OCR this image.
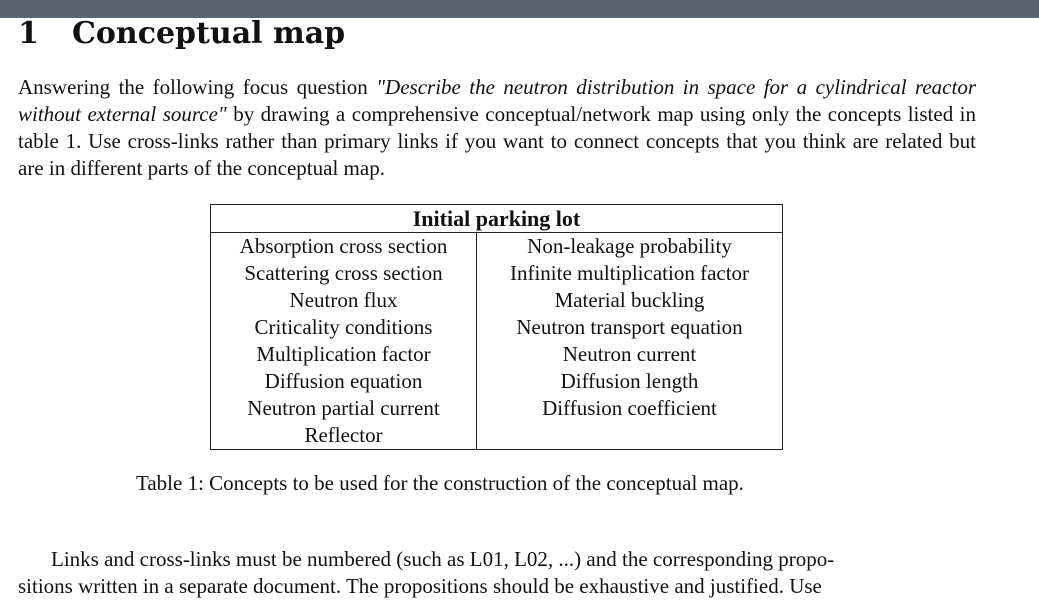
1 Conceptual map

Answering the following focus question "Describe the neutron distribution in space for a cylindrical reactor without external source" by drawing a comprehensive conceptual/network map using only the concepts listed in table 1. Use cross-links rather than primary links if you want to connect concepts that you think are related but are in different parts of the conceptual map.

Initial parking lot	
Absorption cross section	Non-leakage probability
Scattering cross section	Infinite multiplication factor
Neutron flux	Material buckling
Criticality conditions	Neutron transport equation
Multiplication factor	Neutron current
Diffusion equation	Diffusion length
Neutron partial current	Diffusion coefficient
Reflector	

Table 1: Concepts to be used for the construction of the conceptual map.

Links and cross-links must be numbered (such as L01, L02, ...) and the corresponding propo-
sitions written in a separate document. The propositions should be exhaustive and justified. Use
